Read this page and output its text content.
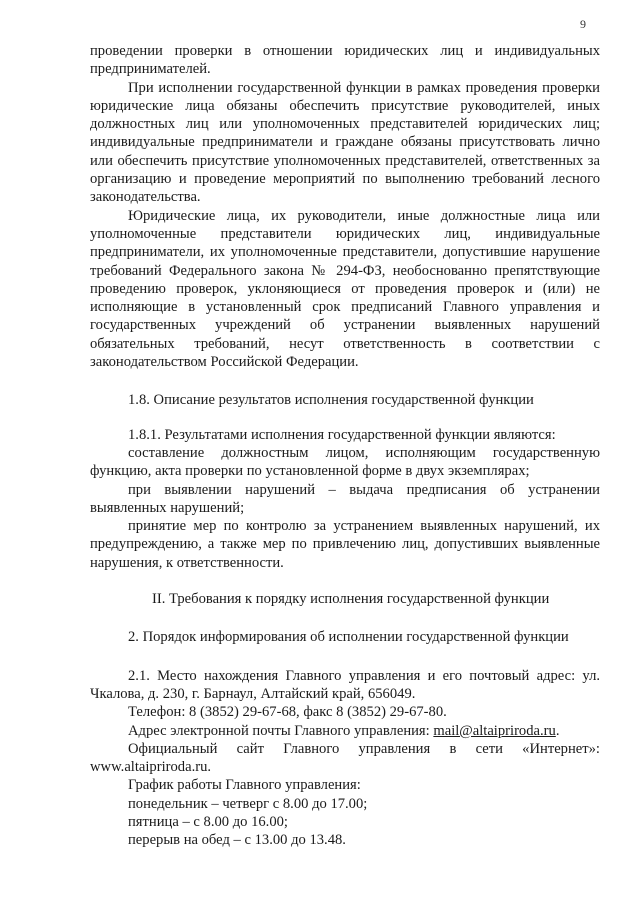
9

проведении проверки в отношении юридических лиц и индивидуальных предпринимателей.

При исполнении государственной функции в рамках проведения проверки юридические лица обязаны обеспечить присутствие руководителей, иных должностных лиц или уполномоченных представителей юридических лиц; индивидуальные предприниматели и граждане обязаны присутствовать лично или обеспечить присутствие уполномоченных представителей, ответственных за организацию и проведение мероприятий по выполнению требований лесного законодательства.

Юридические лица, их руководители, иные должностные лица или уполномоченные представители юридических лиц, индивидуальные предприниматели, их уполномоченные представители, допустившие нарушение требований Федерального закона № 294-ФЗ, необоснованно препятствующие проведению проверок, уклоняющиеся от проведения проверок и (или) не исполняющие в установленный срок предписаний Главного управления и государственных учреждений об устранении выявленных нарушений обязательных требований, несут ответственность в соответствии с законодательством Российской Федерации.

1.8. Описание результатов исполнения государственной функции

1.8.1. Результатами исполнения государственной функции являются:

составление должностным лицом, исполняющим государственную функцию, акта проверки по установленной форме в двух экземплярах;

при выявлении нарушений – выдача предписания об устранении выявленных нарушений;

принятие мер по контролю за устранением выявленных нарушений, их предупреждению, а также мер по привлечению лиц, допустивших выявленные нарушения, к ответственности.

II. Требования к порядку исполнения государственной функции

2. Порядок информирования об исполнении государственной функции

2.1. Место нахождения Главного управления и его почтовый адрес: ул. Чкалова, д. 230, г. Барнаул, Алтайский край, 656049.

Телефон: 8 (3852) 29-67-68, факс 8 (3852) 29-67-80.

Адрес электронной почты Главного управления: mail@altaipriroda.ru.

Официальный сайт Главного управления в сети «Интернет»: www.altaipriroda.ru.

График работы Главного управления:

понедельник – четверг с 8.00 до 17.00;

пятница – с 8.00 до 16.00;

перерыв на обед – с 13.00 до 13.48.
